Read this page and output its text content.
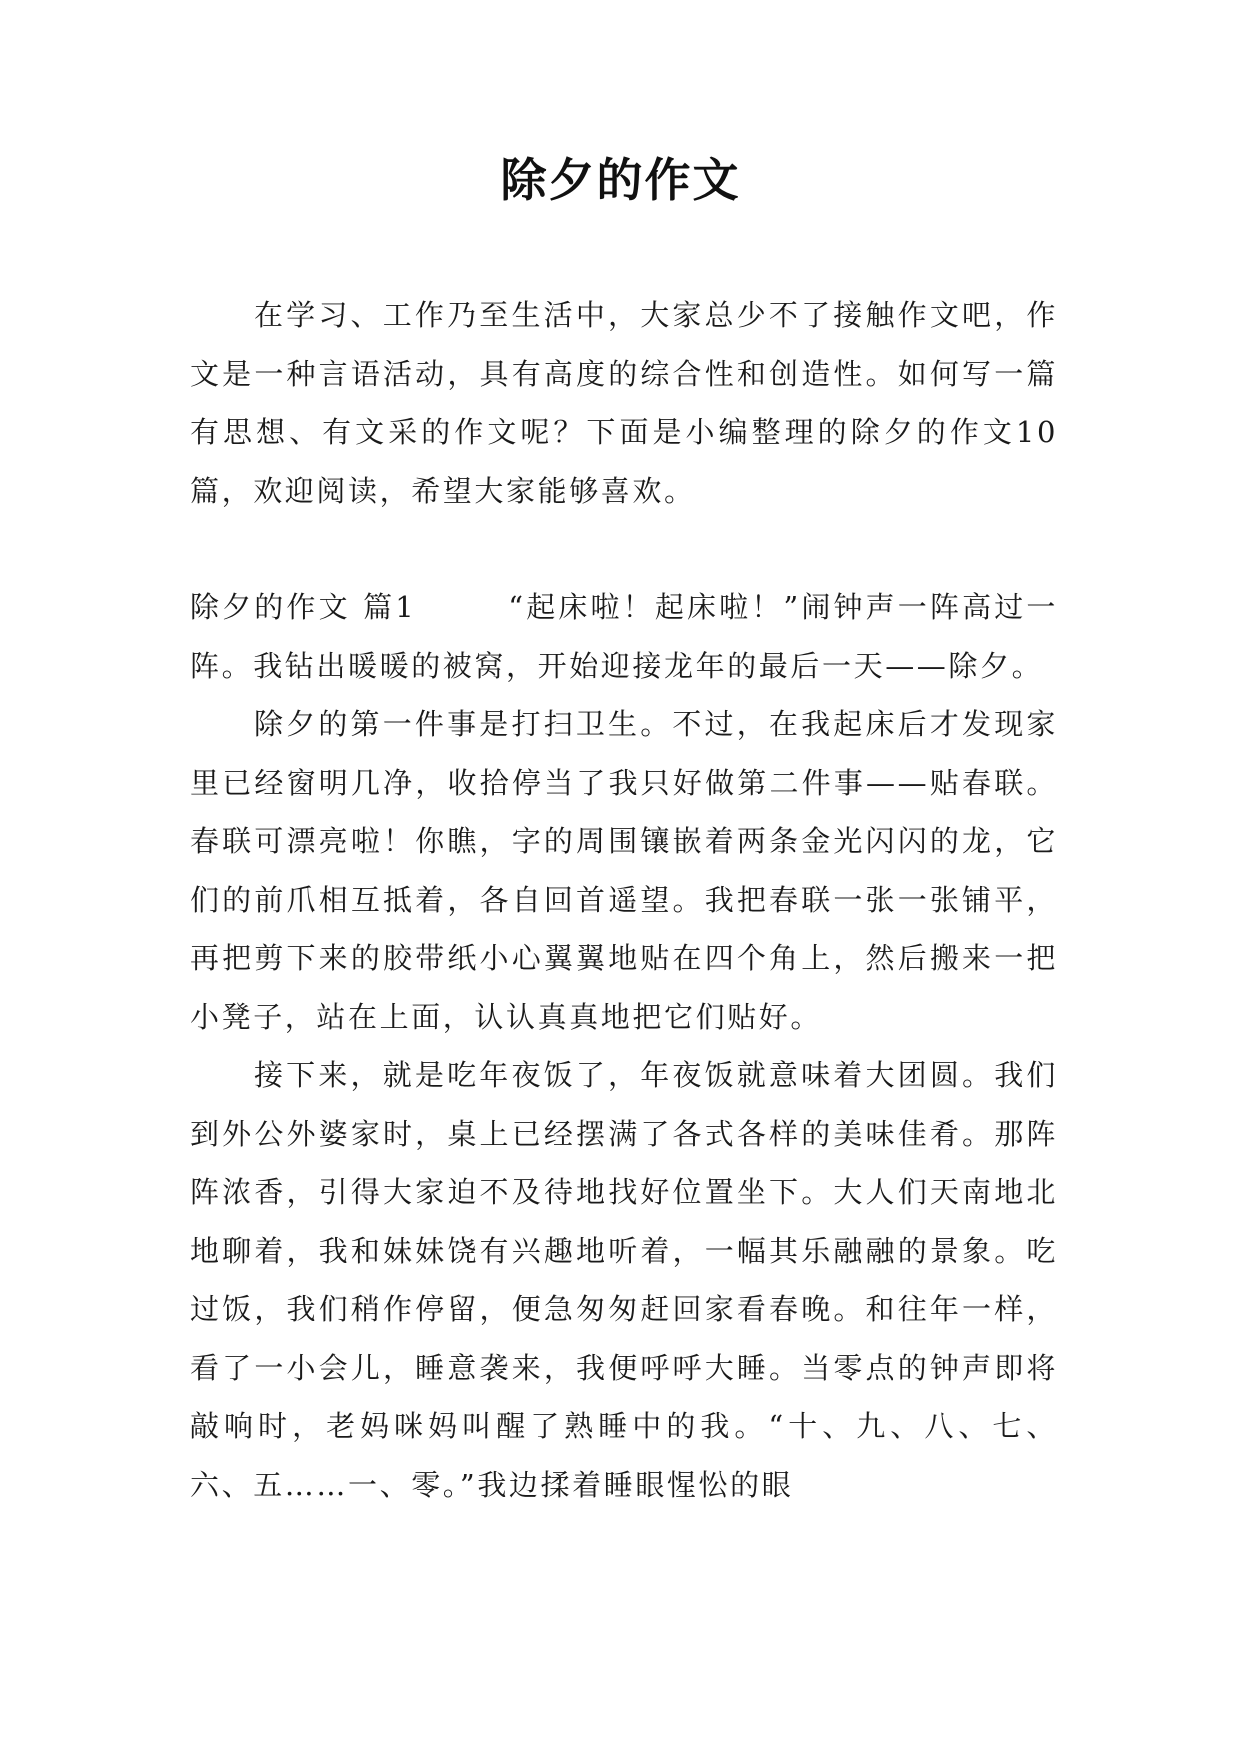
除夕的作文

在学习、工作乃至生活中，大家总少不了接触作文吧，作文是一种言语活动，具有高度的综合性和创造性。如何写一篇有思想、有文采的作文呢？下面是小编整理的除夕的作文10篇，欢迎阅读，希望大家能够喜欢。

除夕的作文 篇1	“起床啦！起床啦！”闹钟声一阵高过一阵。我钻出暖暖的被窝，开始迎接龙年的最后一天——除夕。

除夕的第一件事是打扫卫生。不过，在我起床后才发现家里已经窗明几净，收拾停当了我只好做第二件事——贴春联。春联可漂亮啦！你瞧，字的周围镶嵌着两条金光闪闪的龙，它们的前爪相互抵着，各自回首遥望。我把春联一张一张铺平，再把剪下来的胶带纸小心翼翼地贴在四个角上，然后搬来一把小凳子，站在上面，认认真真地把它们贴好。

接下来，就是吃年夜饭了，年夜饭就意味着大团圆。我们到外公外婆家时，桌上已经摆满了各式各样的美味佳肴。那阵阵浓香，引得大家迫不及待地找好位置坐下。大人们天南地北地聊着，我和妹妹饶有兴趣地听着，一幅其乐融融的景象。吃过饭，我们稍作停留，便急匆匆赶回家看春晚。和往年一样，看了一小会儿，睡意袭来，我便呼呼大睡。当零点的钟声即将敲响时，老妈咪妈叫醒了熟睡中的我。“十、九、八、七、六、五……一、零。”我边揉着睡眼惺忪的眼
